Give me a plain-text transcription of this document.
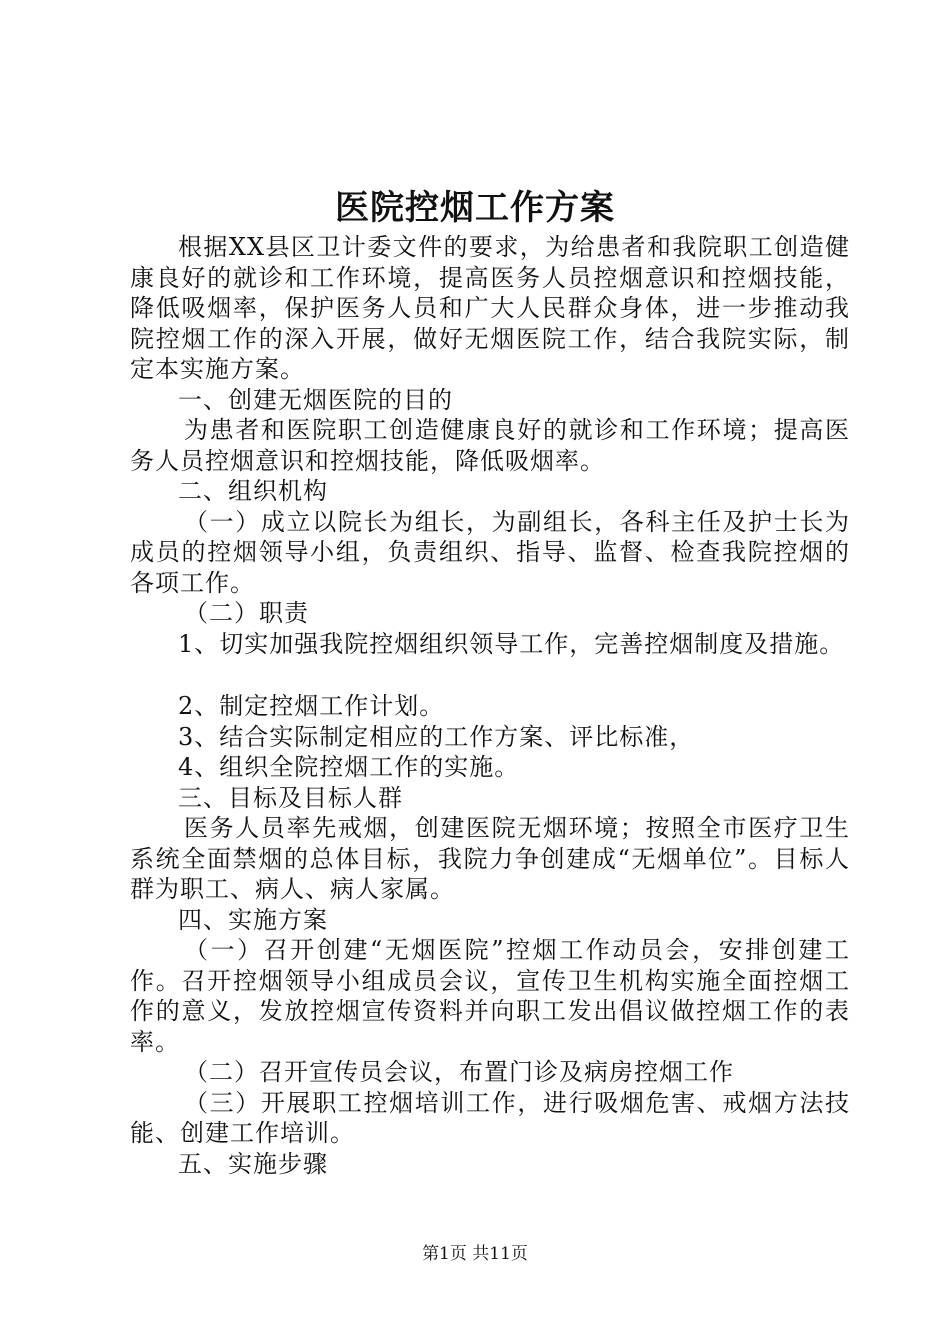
医院控烟工作方案

根据XX县区卫计委文件的要求，为给患者和我院职工创造健康良好的就诊和工作环境，提高医务人员控烟意识和控烟技能，降低吸烟率，保护医务人员和广大人民群众身体，进一步推动我院控烟工作的深入开展，做好无烟医院工作，结合我院实际，制定本实施方案。

一、创建无烟医院的目的

为患者和医院职工创造健康良好的就诊和工作环境；提高医务人员控烟意识和控烟技能，降低吸烟率。

二、组织机构

（一）成立以院长为组长，为副组长，各科主任及护士长为成员的控烟领导小组，负责组织、指导、监督、检查我院控烟的各项工作。

（二）职责

1、切实加强我院控烟组织领导工作，完善控烟制度及措施。

2、制定控烟工作计划。

3、结合实际制定相应的工作方案、评比标准，

4、组织全院控烟工作的实施。

三、目标及目标人群

医务人员率先戒烟，创建医院无烟环境；按照全市医疗卫生系统全面禁烟的总体目标，我院力争创建成“无烟单位”。目标人群为职工、病人、病人家属。

四、实施方案

（一）召开创建“无烟医院”控烟工作动员会，安排创建工作。召开控烟领导小组成员会议，宣传卫生机构实施全面控烟工作的意义，发放控烟宣传资料并向职工发出倡议做控烟工作的表率。

（二）召开宣传员会议，布置门诊及病房控烟工作

（三）开展职工控烟培训工作，进行吸烟危害、戒烟方法技能、创建工作培训。

五、实施步骤

第1页 共11页
